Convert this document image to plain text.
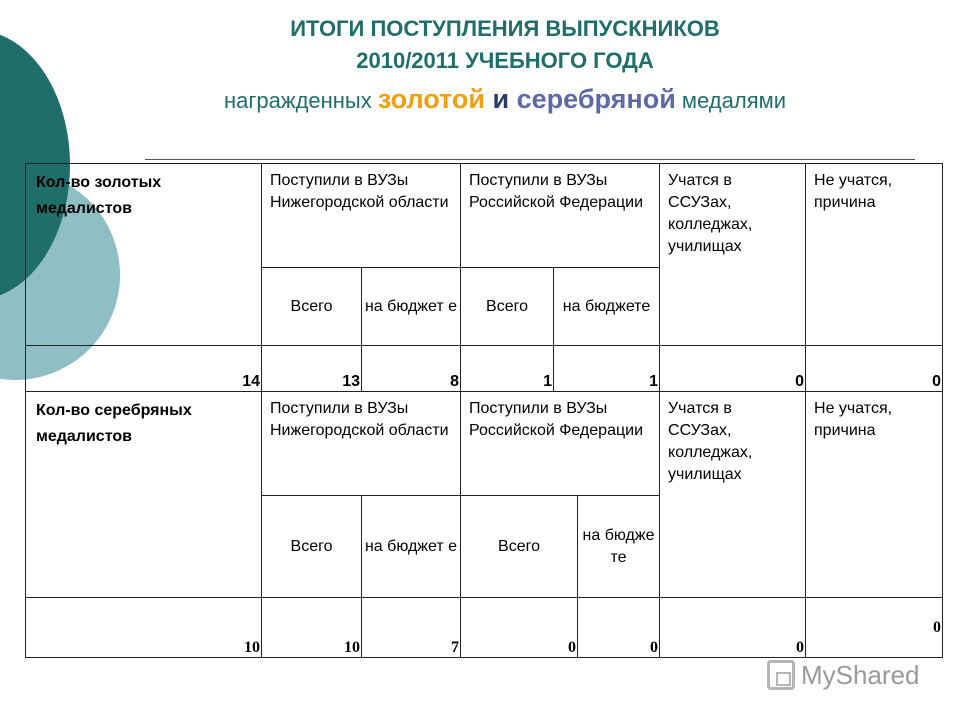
ИТОГИ ПОСТУПЛЕНИЯ ВЫПУСКНИКОВ
2010/2011 УЧЕБНОГО ГОДА
награжденных золотой и серебряной медалями
Кол-во золотых медалистов	Поступили в ВУЗы Нижегородской области		Поступили в ВУЗы Российской Федерации		Учатся в ССУЗах, колледжах, училищах	Не учатся, причина
	Всего	на бюджет е	Всего	на бюджете		
14	13	8	1	1	0	0
Кол-во серебряных медалистов	Поступили в ВУЗы Нижегородской области		Поступили в ВУЗы Российской Федерации		Учатся в ССУЗах, колледжах, училищах	Не учатся, причина
	Всего	на бюджет е	Всего	на бюдже те		
10	10	7	0	0	0	0
MyShared
